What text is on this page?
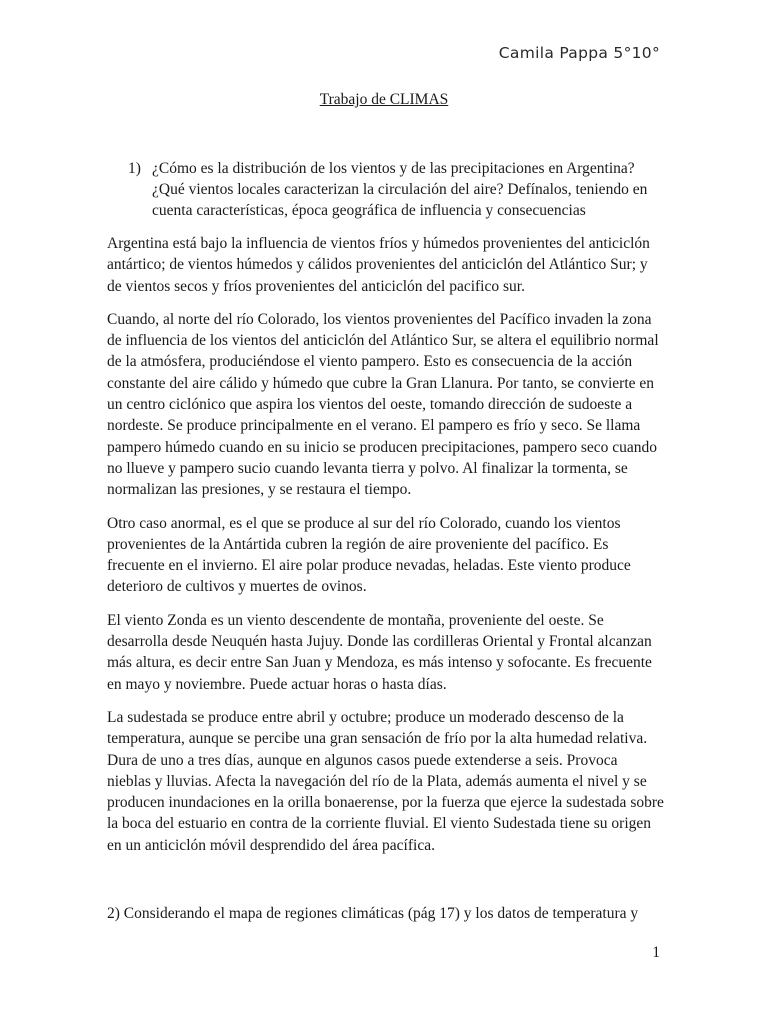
Camila Pappa 5°10°
Trabajo de CLIMAS
1) ¿Cómo es la distribución de los vientos y de las precipitaciones en Argentina? ¿Qué vientos locales caracterizan la circulación del aire? Defínalos, teniendo en cuenta características, época geográfica de influencia y consecuencias

Argentina está bajo la influencia de vientos fríos y húmedos provenientes del anticiclón antártico; de vientos húmedos y cálidos provenientes del anticiclón del Atlántico Sur; y de vientos secos y fríos provenientes del anticiclón del pacifico sur.

Cuando, al norte del río Colorado, los vientos provenientes del Pacífico invaden la zona de influencia de los vientos del anticiclón del Atlántico Sur, se altera el equilibrio normal de la atmósfera, produciéndose el viento pampero. Esto es consecuencia de la acción constante del aire cálido y húmedo que cubre la Gran Llanura. Por tanto, se convierte en un centro ciclónico que aspira los vientos del oeste, tomando dirección de sudoeste a nordeste. Se produce principalmente en el verano. El pampero es frío y seco. Se llama pampero húmedo cuando en su inicio se producen precipitaciones, pampero seco cuando no llueve y pampero sucio cuando levanta tierra y polvo. Al finalizar la tormenta, se normalizan las presiones, y se restaura el tiempo.

Otro caso anormal, es el que se produce al sur del río Colorado, cuando los vientos provenientes de la Antártida cubren la región de aire proveniente del pacífico. Es frecuente en el invierno. El aire polar produce nevadas, heladas. Este viento produce deterioro de cultivos y muertes de ovinos.

El viento Zonda es un viento descendente de montaña, proveniente del oeste. Se desarrolla desde Neuquén hasta Jujuy. Donde las cordilleras Oriental y Frontal alcanzan más altura, es decir entre San Juan y Mendoza, es más intenso y sofocante. Es frecuente en mayo y noviembre. Puede actuar horas o hasta días.

La sudestada se produce entre abril y octubre; produce un moderado descenso de la temperatura, aunque se percibe una gran sensación de frío por la alta humedad relativa. Dura de uno a tres días, aunque en algunos casos puede extenderse a seis. Provoca nieblas y lluvias. Afecta la navegación del río de la Plata, además aumenta el nivel y se producen inundaciones en la orilla bonaerense, por la fuerza que ejerce la sudestada sobre la boca del estuario en contra de la corriente fluvial. El viento Sudestada tiene su origen en un anticiclón móvil desprendido del área pacífica.

2) Considerando el mapa de regiones climáticas (pág 17) y los datos de temperatura y
1
